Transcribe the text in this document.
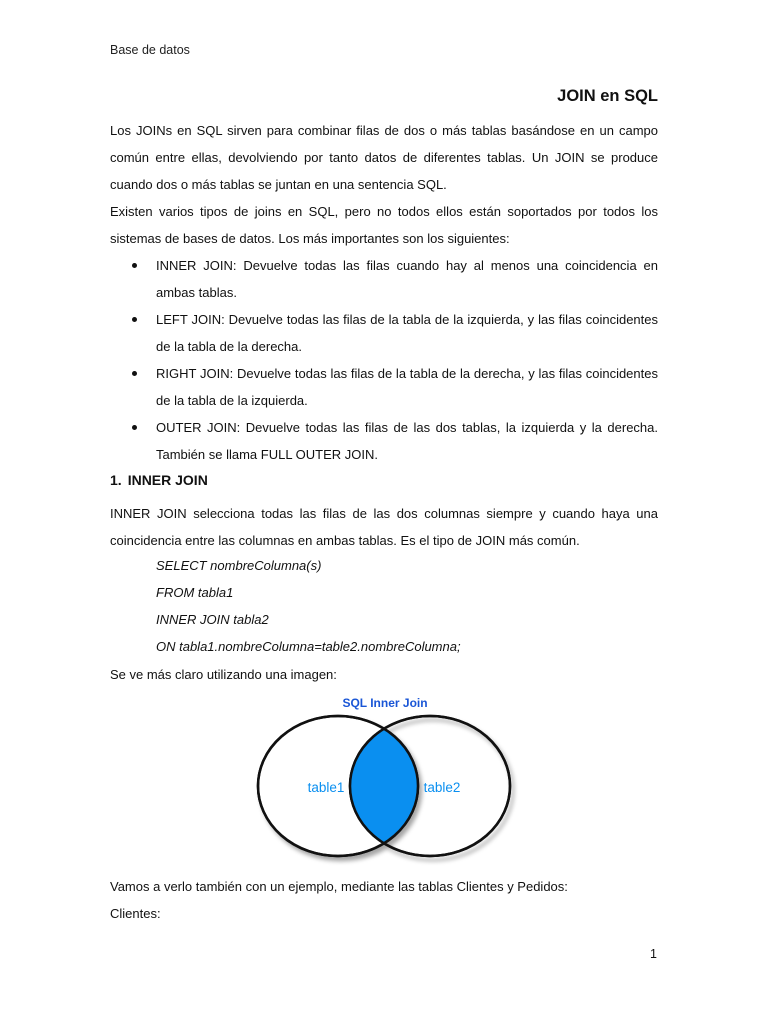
Base de datos
JOIN en SQL
Los JOINs en SQL sirven para combinar filas de dos o más tablas basándose en un campo común entre ellas, devolviendo por tanto datos de diferentes tablas. Un JOIN se produce cuando dos o más tablas se juntan en una sentencia SQL.
Existen varios tipos de joins en SQL, pero no todos ellos están soportados por todos los sistemas de bases de datos. Los más importantes son los siguientes:
INNER JOIN: Devuelve todas las filas cuando hay al menos una coincidencia en ambas tablas.
LEFT JOIN: Devuelve todas las filas de la tabla de la izquierda, y las filas coincidentes de la tabla de la derecha.
RIGHT JOIN: Devuelve todas las filas de la tabla de la derecha, y las filas coincidentes de la tabla de la izquierda.
OUTER JOIN: Devuelve todas las filas de las dos tablas, la izquierda y la derecha. También se llama FULL OUTER JOIN.
1. INNER JOIN
INNER JOIN selecciona todas las filas de las dos columnas siempre y cuando haya una coincidencia entre las columnas en ambas tablas. Es el tipo de JOIN más común.
SELECT nombreColumna(s)
FROM tabla1
INNER JOIN tabla2
ON tabla1.nombreColumna=table2.nombreColumna;
Se ve más claro utilizando una imagen:
SQL Inner Join
table1	table2
Vamos a verlo también con un ejemplo, mediante las tablas Clientes y Pedidos:
Clientes:
1
